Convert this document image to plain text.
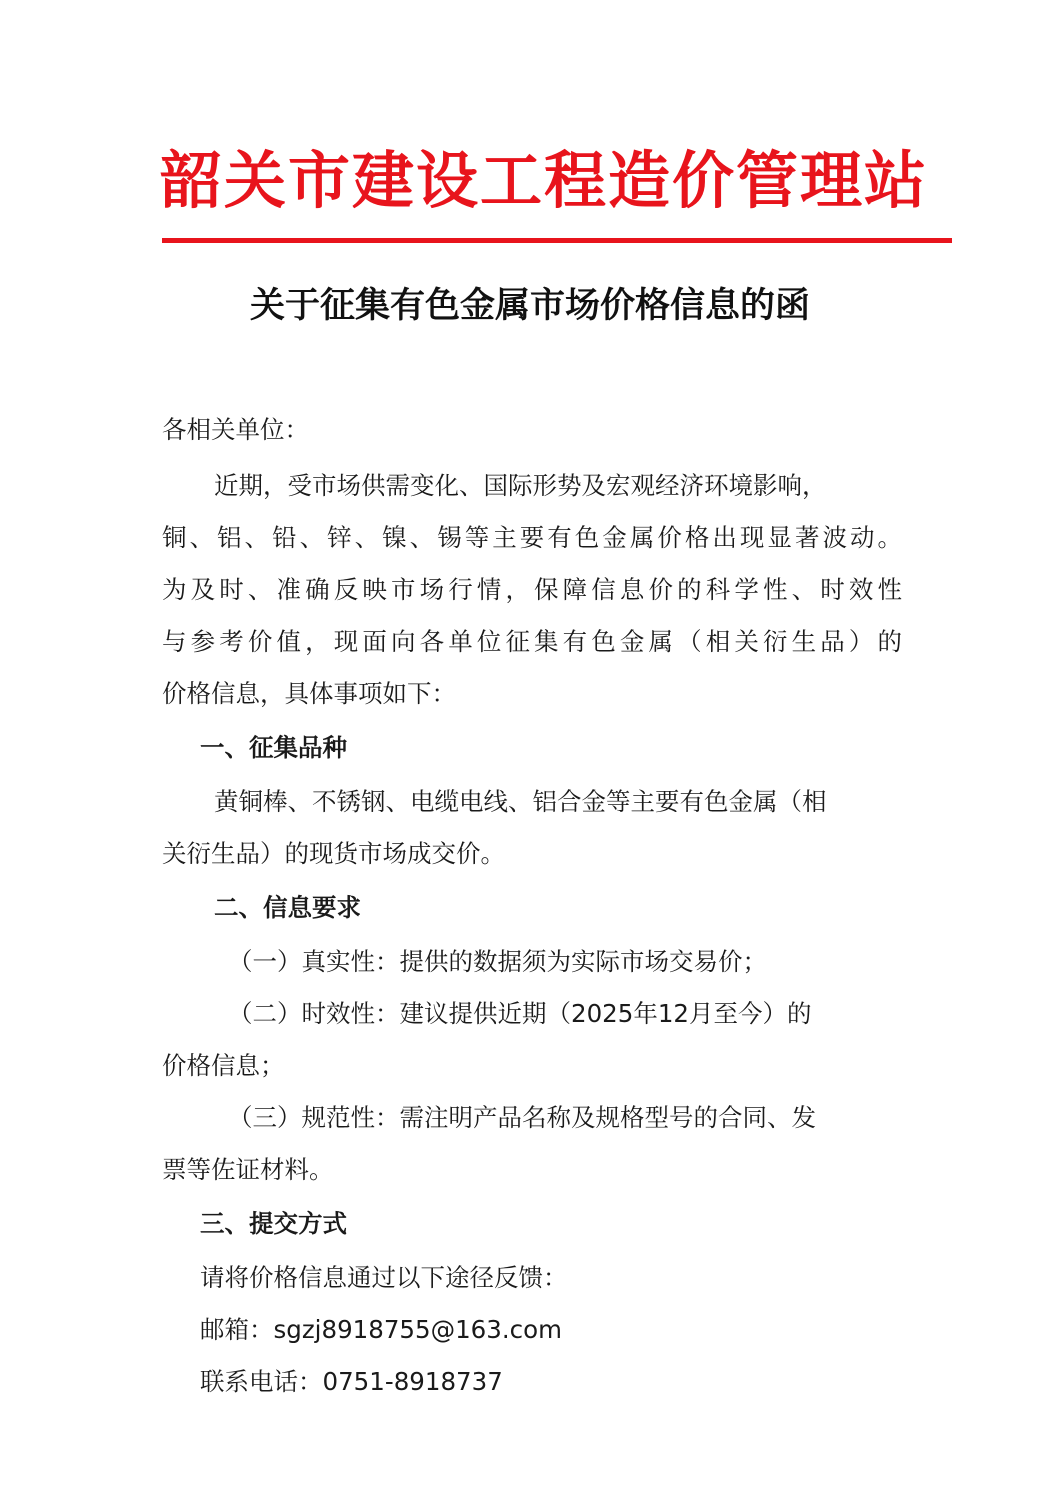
韶关市建设工程造价管理站
关于征集有色金属市场价格信息的函
各相关单位：
近期，受市场供需变化、国际形势及宏观经济环境影响，
铜、铝、铅、锌、镍、锡等主要有色金属价格出现显著波动。
为及时、准确反映市场行情，保障信息价的科学性、时效性
与参考价值，现面向各单位征集有色金属（相关衍生品）的
价格信息，具体事项如下：
一、征集品种
黄铜棒、不锈钢、电缆电线、铝合金等主要有色金属（相
关衍生品）的现货市场成交价。
二、信息要求
（一）真实性：提供的数据须为实际市场交易价；
（二）时效性：建议提供近期（2025年12月至今）的
价格信息；
（三）规范性：需注明产品名称及规格型号的合同、发
票等佐证材料。
三、提交方式
请将价格信息通过以下途径反馈：
邮箱：sgzj8918755@163.com
联系电话：0751-8918737
